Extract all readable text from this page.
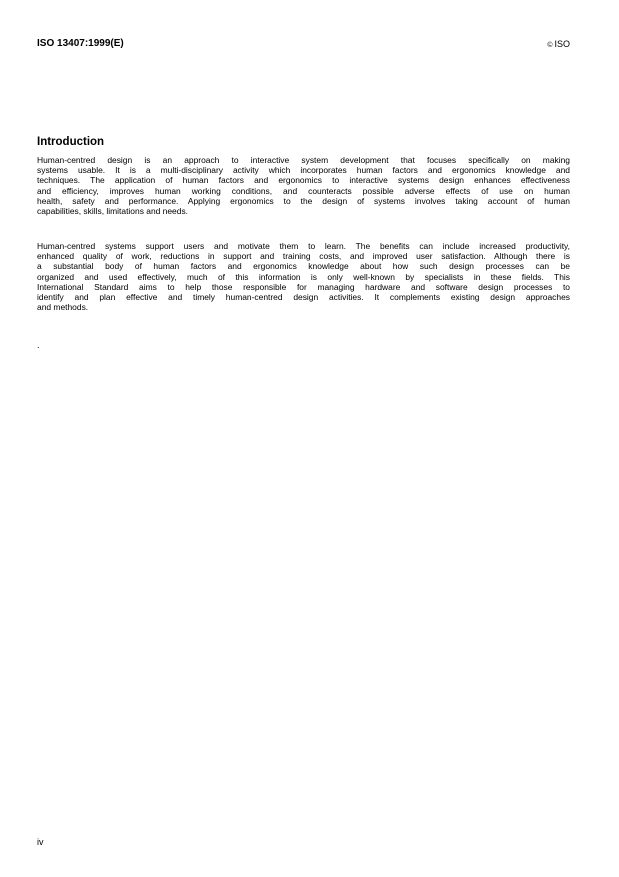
ISO 13407:1999(E)	© ISO
Introduction
Human-centred design is an approach to interactive system development that focuses specifically on making
systems usable. It is a multi-disciplinary activity which incorporates human factors and ergonomics knowledge and
techniques. The application of human factors and ergonomics to interactive systems design enhances effectiveness
and efficiency, improves human working conditions, and counteracts possible adverse effects of use on human
health, safety and performance. Applying ergonomics to the design of systems involves taking account of human
capabilities, skills, limitations and needs.
Human-centred systems support users and motivate them to learn. The benefits can include increased productivity,
enhanced quality of work, reductions in support and training costs, and improved user satisfaction. Although there is
a substantial body of human factors and ergonomics knowledge about how such design processes can be
organized and used effectively, much of this information is only well-known by specialists in these fields. This
International Standard aims to help those responsible for managing hardware and software design processes to
identify and plan effective and timely human-centred design activities. It complements existing design approaches
and methods.
.
iv
